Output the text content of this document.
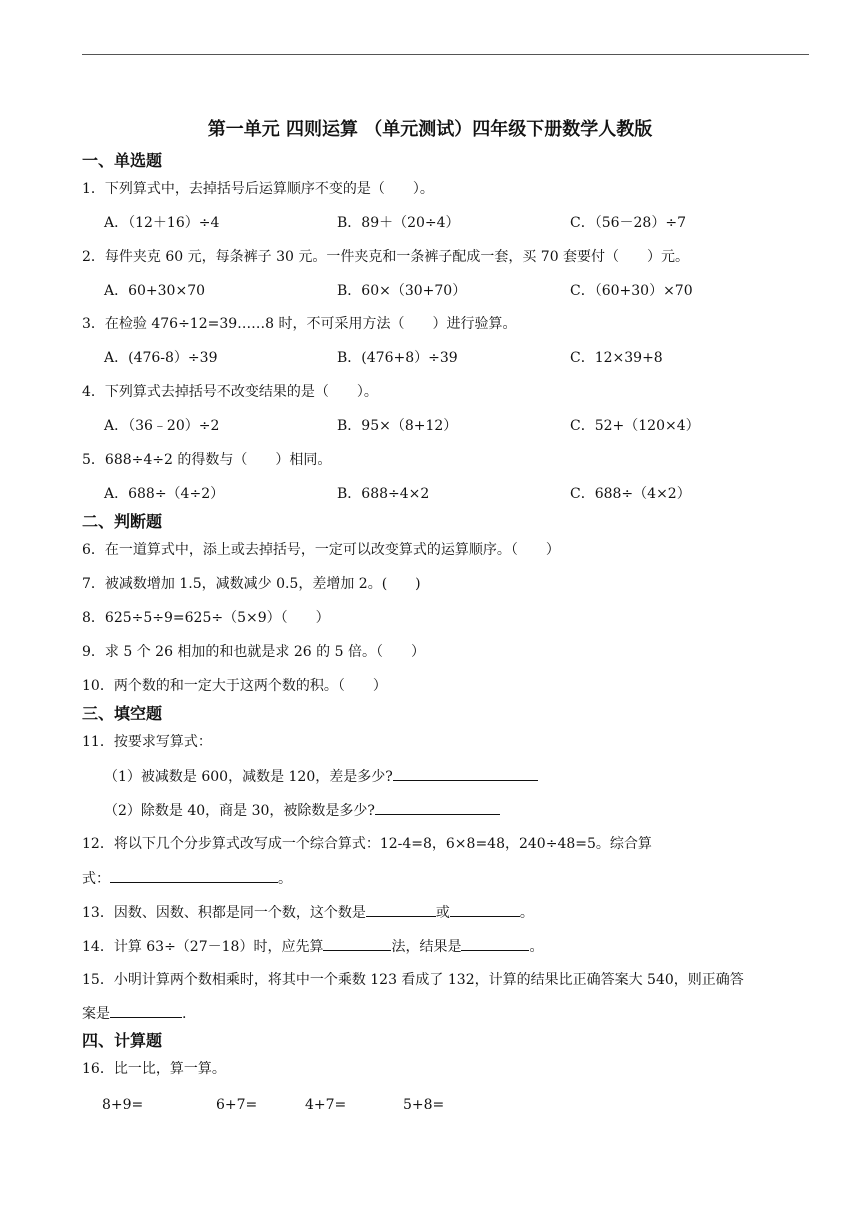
第一单元 四则运算 （单元测试）四年级下册数学人教版
一、单选题
1．下列算式中，去掉括号后运算顺序不变的是（　　）。
A．（12＋16）÷4	B．89＋（20÷4）	C．（56－28）÷7
2．每件夹克 60 元，每条裤子 30 元。一件夹克和一条裤子配成一套，买 70 套要付（　　）元。
A．60+30×70	B．60×（30+70）	C．（60+30）×70
3．在检验 476÷12=39……8 时，不可采用方法（　　）进行验算。
A．(476-8）÷39	B．(476+8）÷39	C．12×39+8
4．下列算式去掉括号不改变结果的是（　　）。
A．（36﹣20）÷2	B．95×（8+12）	C．52+（120×4）
5．688÷4÷2 的得数与（　　）相同。
A．688÷（4÷2）	B．688÷4×2	C．688÷（4×2）
二、判断题
6．在一道算式中，添上或去掉括号，一定可以改变算式的运算顺序。（　　）
7．被减数增加 1.5，减数减少 0.5，差增加 2。(　　)
8．625÷5÷9=625÷（5×9）（　　）
9．求 5 个 26 相加的和也就是求 26 的 5 倍。（　　）
10．两个数的和一定大于这两个数的积。（　　）
三、填空题
11．按要求写算式：
（1）被减数是 600，减数是 120，差是多少?
（2）除数是 40，商是 30，被除数是多少?
12．将以下几个分步算式改写成一个综合算式：12-4=8，6×8=48，240÷48=5。综合算
式：	。
13．因数、因数、积都是同一个数，这个数是	或	。
14．计算 63÷（27－18）时，应先算	法，结果是	。
15．小明计算两个数相乘时，将其中一个乘数 123 看成了 132，计算的结果比正确答案大 540，则正确答
案是	.
四、计算题
16．比一比，算一算。
8+9=	6+7=	4+7=	5+8=
